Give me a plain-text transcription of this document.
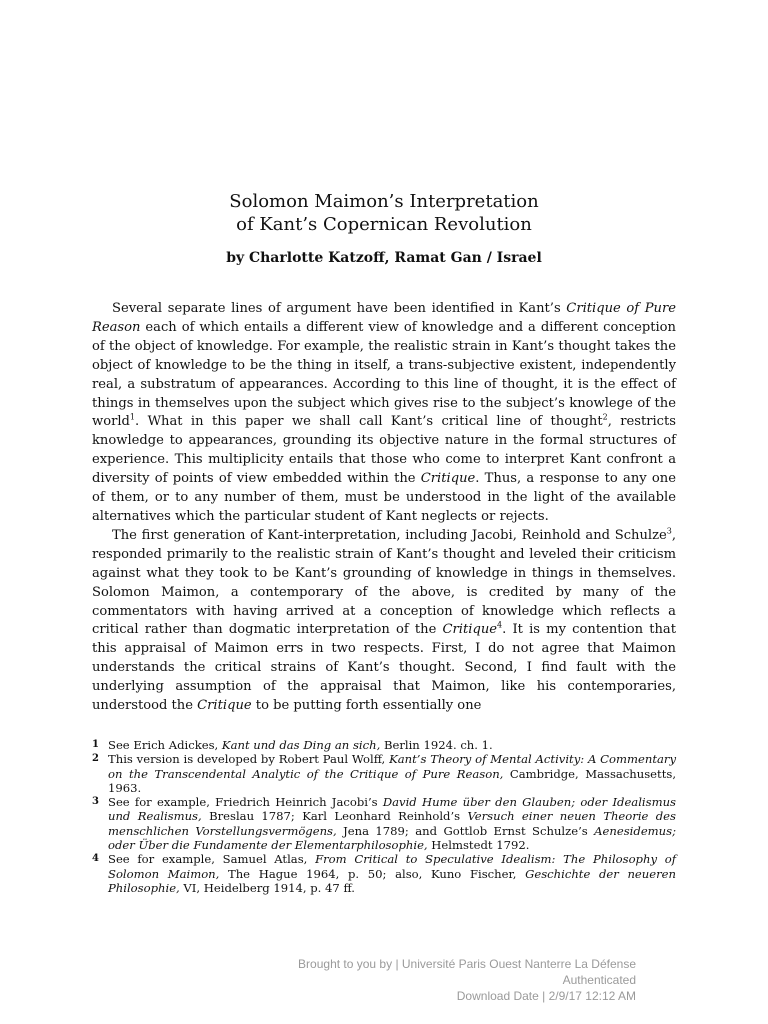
Solomon Maimon’s Interpretation
of Kant’s Copernican Revolution
by Charlotte Katzoff, Ramat Gan / Israel

Several separate lines of argument have been identified in Kant’s Critique of Pure Reason each of which entails a different view of knowledge and a different conception of the object of knowledge. For example, the realistic strain in Kant’s thought takes the object of knowledge to be the thing in itself, a trans-subjective existent, independently real, a substratum of appearances. According to this line of thought, it is the effect of things in themselves upon the subject which gives rise to the subject’s knowlege of the world$^1$. What in this paper we shall call Kant’s critical line of thought$^2$, restricts knowledge to appearances, grounding its objective nature in the formal structures of experience. This multiplicity entails that those who come to interpret Kant confront a diversity of points of view embedded within the Critique. Thus, a response to any one of them, or to any number of them, must be understood in the light of the available alternatives which the particular student of Kant neglects or rejects.

The first generation of Kant-interpretation, including Jacobi, Reinhold and Schulze$^3$, responded primarily to the realistic strain of Kant’s thought and leveled their criticism against what they took to be Kant’s grounding of knowledge in things in themselves. Solomon Maimon, a contemporary of the above, is credited by many of the commentators with having arrived at a conception of knowledge which reflects a critical rather than dogmatic interpretation of the Critique$^4$. It is my contention that this appraisal of Maimon errs in two respects. First, I do not agree that Maimon understands the critical strains of Kant’s thought. Second, I find fault with the underlying assumption of the appraisal that Maimon, like his contemporaries, understood the Critique to be putting forth essentially one

1 See Erich Adickes, Kant und das Ding an sich, Berlin 1924. ch. 1.

2 This version is developed by Robert Paul Wolff, Kant’s Theory of Mental Activity: A Commentary on the Transcendental Analytic of the Critique of Pure Reason, Cambridge, Massachusetts, 1963.

3 See for example, Friedrich Heinrich Jacobi’s David Hume über den Glauben; oder Idealismus und Realismus, Breslau 1787; Karl Leonhard Reinhold’s Versuch einer neuen Theorie des menschlichen Vorstellungsvermögens, Jena 1789; and Gottlob Ernst Schulze’s Aenesidemus; oder Über die Fundamente der Elementarphilosophie, Helmstedt 1792.

4 See for example, Samuel Atlas, From Critical to Speculative Idealism: The Philosophy of Solomon Maimon, The Hague 1964, p. 50; also, Kuno Fischer, Geschichte der neueren Philosophie, VI, Heidelberg 1914, p. 47 ff.

Brought to you by | Université Paris Ouest Nanterre La Défense
Authenticated
Download Date | 2/9/17 12:12 AM
